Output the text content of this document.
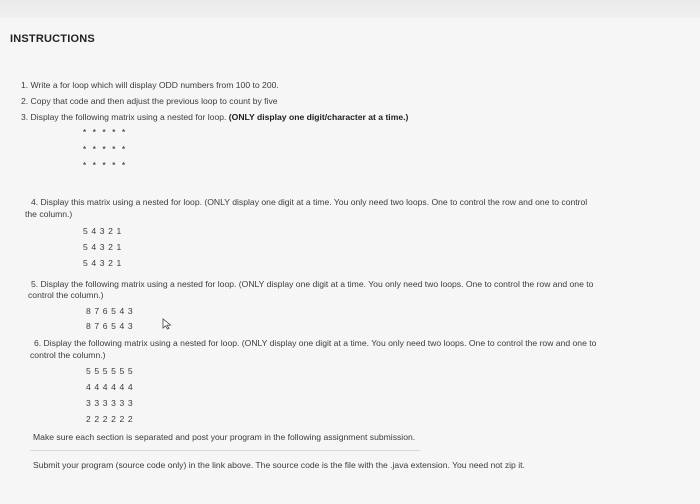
INSTRUCTIONS
1. Write a for loop which will display ODD numbers from 100 to 200.
2. Copy that code and then adjust the previous loop to count by five
3. Display the following matrix using a nested for loop. (ONLY display one digit/character at a time.)
* * * * *
* * * * *
* * * * *
4. Display this matrix using a nested for loop. (ONLY display one digit at a time. You only need two loops. One to control the row and one to control
the column.)
5 4 3 2 1
5 4 3 2 1
5 4 3 2 1
5. Display the following matrix using a nested for loop. (ONLY display one digit at a time. You only need two loops. One to control the row and one to
control the column.)
8 7 6 5 4 3
8 7 6 5 4 3
6. Display the following matrix using a nested for loop. (ONLY display one digit at a time. You only need two loops. One to control the row and one to
control the column.)
5 5 5 5 5 5
4 4 4 4 4 4
3 3 3 3 3 3
2 2 2 2 2 2
Make sure each section is separated and post your program in the following assignment submission.
Submit your program (source code only) in the link above. The source code is the file with the .java extension. You need not zip it.
